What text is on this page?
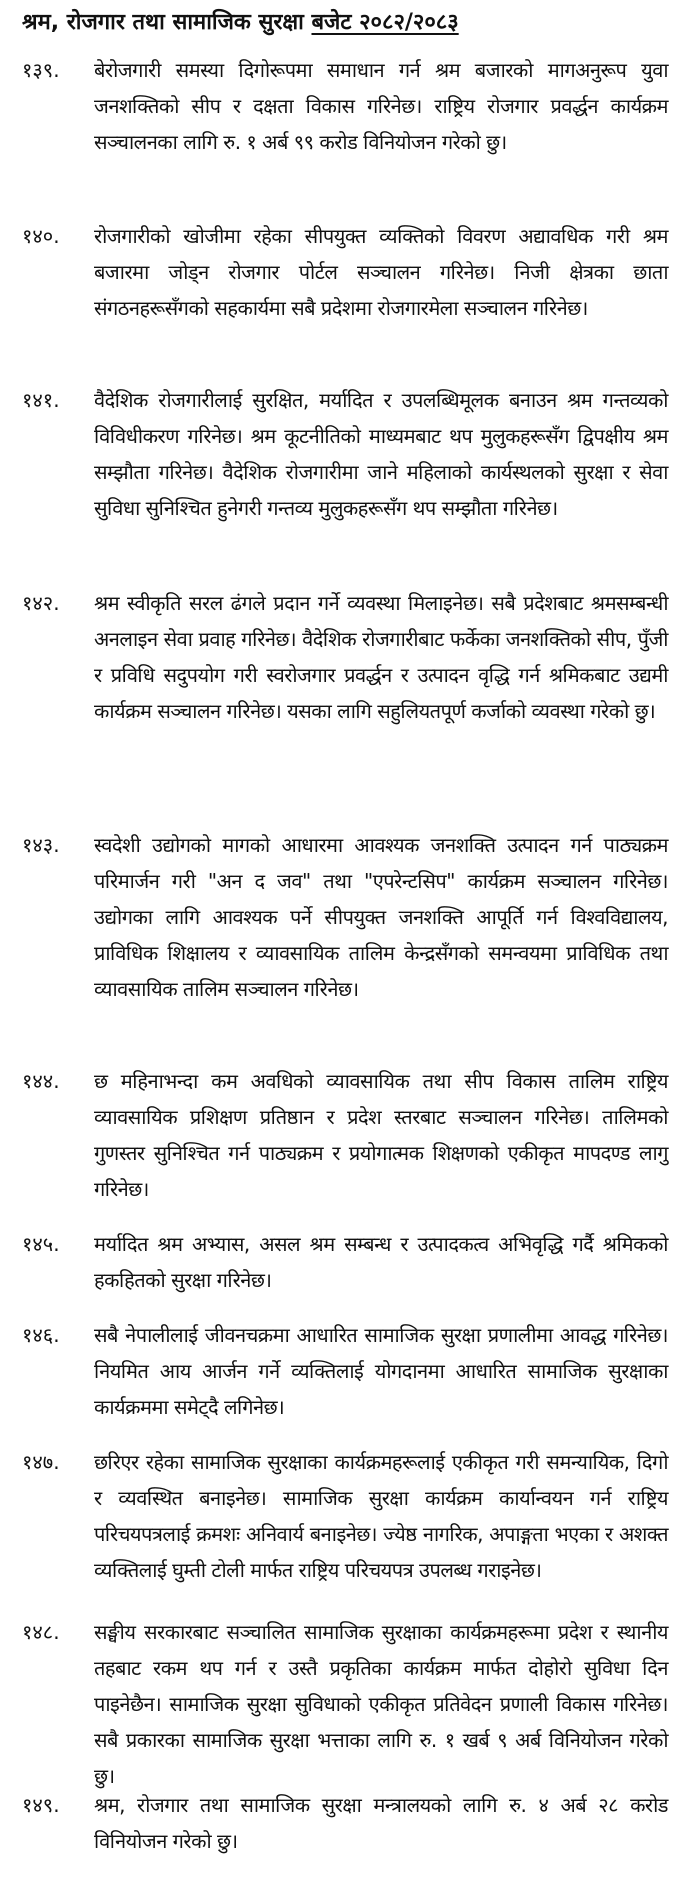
श्रम, रोजगार तथा सामाजिक सुरक्षा बजेट २०८२/२०८३
१३९.	बेरोजगारी समस्या दिगोरूपमा समाधान गर्न श्रम बजारको मागअनुरूप युवा जनशक्तिको सीप र दक्षता विकास गरिनेछ। राष्ट्रिय रोजगार प्रवर्द्धन कार्यक्रम सञ्चालनका लागि रु. १ अर्ब ९९ करोड विनियोजन गरेको छु।
१४०.	रोजगारीको खोजीमा रहेका सीपयुक्त व्यक्तिको विवरण अद्यावधिक गरी श्रम बजारमा जोड्न रोजगार पोर्टल सञ्चालन गरिनेछ। निजी क्षेत्रका छाता संगठनहरूसँगको सहकार्यमा सबै प्रदेशमा रोजगारमेला सञ्चालन गरिनेछ।
१४१.	वैदेशिक रोजगारीलाई सुरक्षित, मर्यादित र उपलब्धिमूलक बनाउन श्रम गन्तव्यको विविधीकरण गरिनेछ। श्रम कूटनीतिको माध्यमबाट थप मुलुकहरूसँग द्विपक्षीय श्रम सम्झौता गरिनेछ। वैदेशिक रोजगारीमा जाने महिलाको कार्यस्थलको सुरक्षा र सेवा सुविधा सुनिश्चित हुनेगरी गन्तव्य मुलुकहरूसँग थप सम्झौता गरिनेछ।
१४२.	श्रम स्वीकृति सरल ढंगले प्रदान गर्ने व्यवस्था मिलाइनेछ। सबै प्रदेशबाट श्रमसम्बन्धी अनलाइन सेवा प्रवाह गरिनेछ। वैदेशिक रोजगारीबाट फर्केका जनशक्तिको सीप, पुँजी र प्रविधि सदुपयोग गरी स्वरोजगार प्रवर्द्धन र उत्पादन वृद्धि गर्न श्रमिकबाट उद्यमी कार्यक्रम सञ्चालन गरिनेछ। यसका लागि सहुलियतपूर्ण कर्जाको व्यवस्था गरेको छु।
१४३.	स्वदेशी उद्योगको मागको आधारमा आवश्यक जनशक्ति उत्पादन गर्न पाठ्यक्रम परिमार्जन गरी "अन द जव" तथा "एपरेन्टसिप" कार्यक्रम सञ्चालन गरिनेछ। उद्योगका लागि आवश्यक पर्ने सीपयुक्त जनशक्ति आपूर्ति गर्न विश्वविद्यालय, प्राविधिक शिक्षालय र व्यावसायिक तालिम केन्द्रसँगको समन्वयमा प्राविधिक तथा व्यावसायिक तालिम सञ्चालन गरिनेछ।
१४४.	छ महिनाभन्दा कम अवधिको व्यावसायिक तथा सीप विकास तालिम राष्ट्रिय व्यावसायिक प्रशिक्षण प्रतिष्ठान र प्रदेश स्तरबाट सञ्चालन गरिनेछ। तालिमको गुणस्तर सुनिश्चित गर्न पाठ्यक्रम र प्रयोगात्मक शिक्षणको एकीकृत मापदण्ड लागु गरिनेछ।
१४५.	मर्यादित श्रम अभ्यास, असल श्रम सम्बन्ध र उत्पादकत्व अभिवृद्धि गर्दै श्रमिकको हकहितको सुरक्षा गरिनेछ।
१४६.	सबै नेपालीलाई जीवनचक्रमा आधारित सामाजिक सुरक्षा प्रणालीमा आवद्ध गरिनेछ। नियमित आय आर्जन गर्ने व्यक्तिलाई योगदानमा आधारित सामाजिक सुरक्षाका कार्यक्रममा समेट्दै लगिनेछ।
१४७.	छरिएर रहेका सामाजिक सुरक्षाका कार्यक्रमहरूलाई एकीकृत गरी समन्यायिक, दिगो र व्यवस्थित बनाइनेछ। सामाजिक सुरक्षा कार्यक्रम कार्यान्वयन गर्न राष्ट्रिय परिचयपत्रलाई क्रमशः अनिवार्य बनाइनेछ। ज्येष्ठ नागरिक, अपाङ्गता भएका र अशक्त व्यक्तिलाई घुम्ती टोली मार्फत राष्ट्रिय परिचयपत्र उपलब्ध गराइनेछ।
१४८.	सङ्घीय सरकारबाट सञ्चालित सामाजिक सुरक्षाका कार्यक्रमहरूमा प्रदेश र स्थानीय तहबाट रकम थप गर्न र उस्तै प्रकृतिका कार्यक्रम मार्फत दोहोरो सुविधा दिन पाइनेछैन। सामाजिक सुरक्षा सुविधाको एकीकृत प्रतिवेदन प्रणाली विकास गरिनेछ। सबै प्रकारका सामाजिक सुरक्षा भत्ताका लागि रु. १ खर्ब ९ अर्ब विनियोजन गरेको छु।
१४९.	श्रम, रोजगार तथा सामाजिक सुरक्षा मन्त्रालयको लागि रु. ४ अर्ब २८ करोड विनियोजन गरेको छु।
